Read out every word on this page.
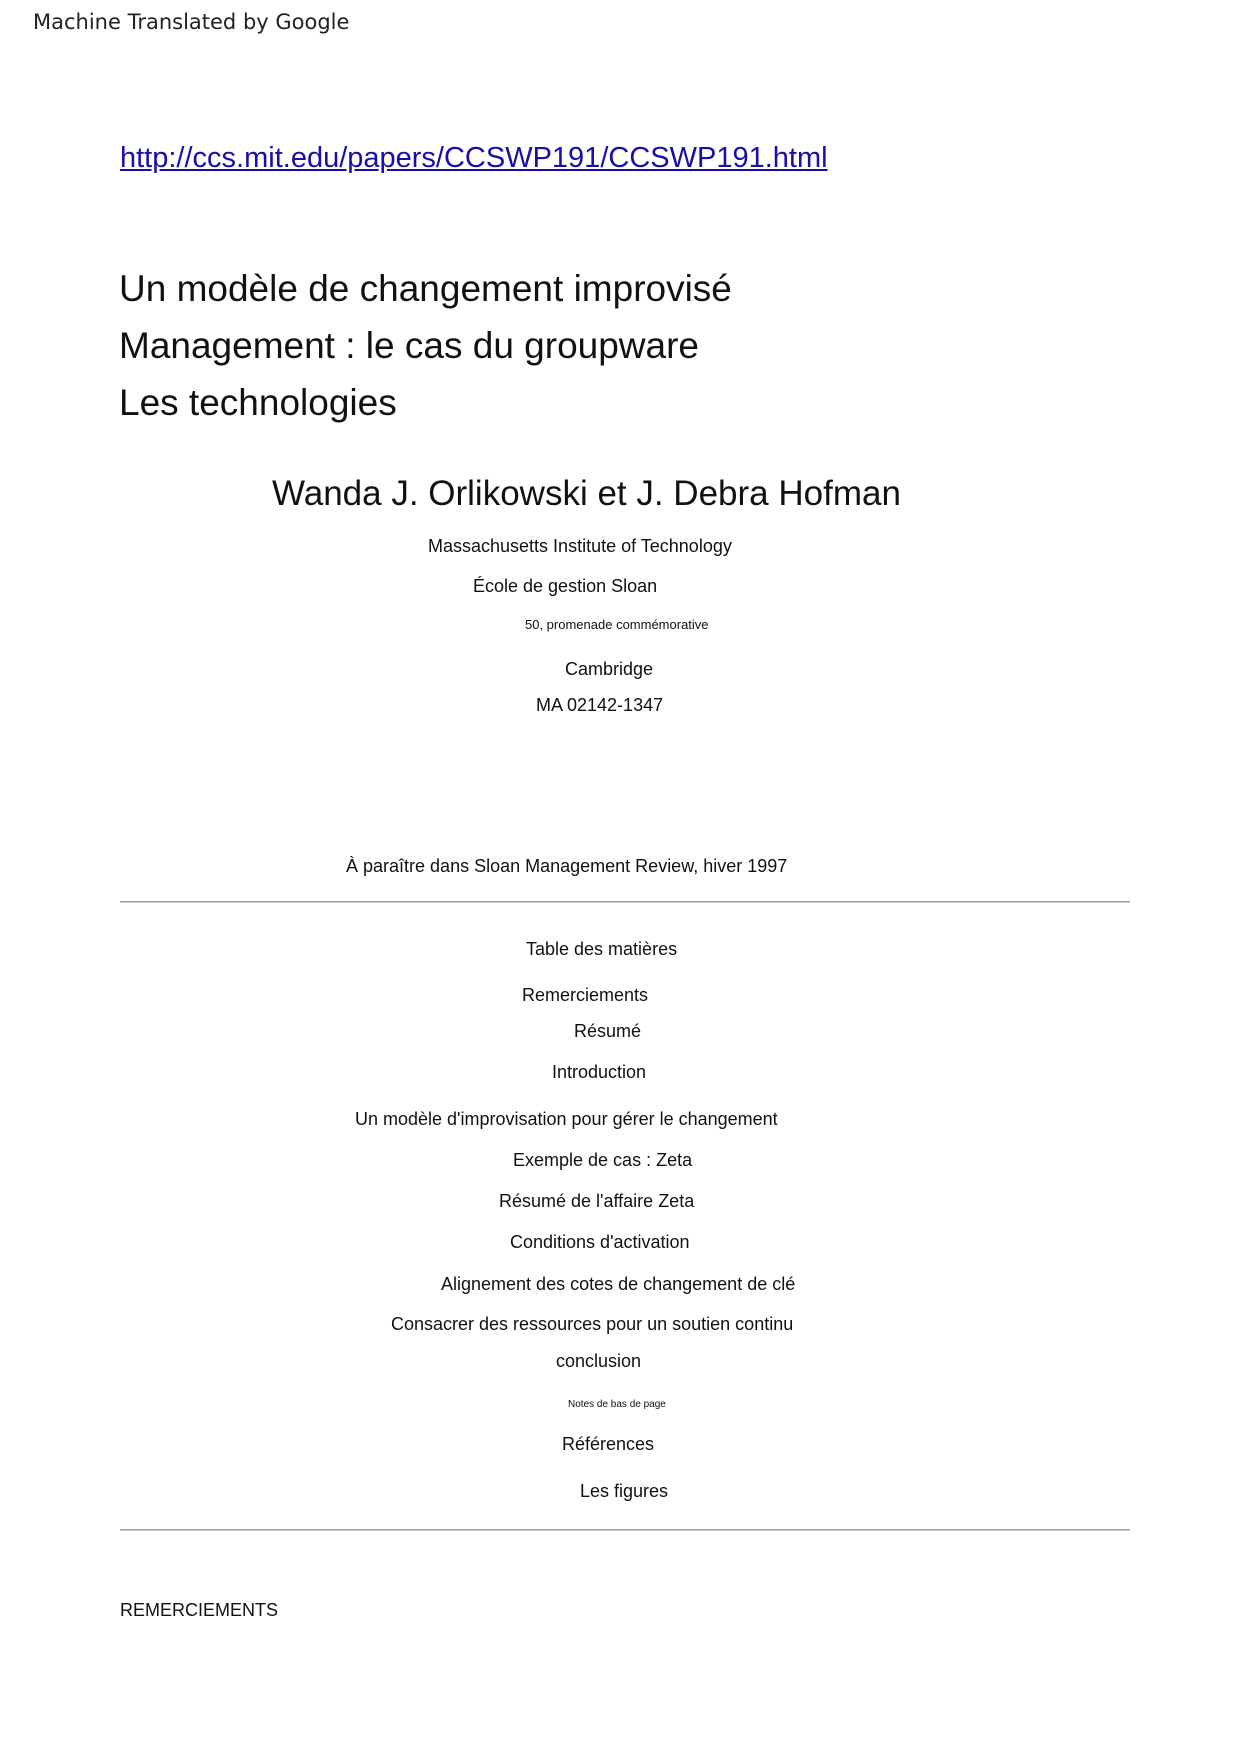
Machine Translated by Google
http://ccs.mit.edu/papers/CCSWP191/CCSWP191.html
Un modèle de changement improvisé
Management : le cas du groupware
Les technologies
Wanda J. Orlikowski et J. Debra Hofman
Massachusetts Institute of Technology
École de gestion Sloan
50, promenade commémorative
Cambridge
MA 02142-1347
À paraître dans Sloan Management Review, hiver 1997
Table des matières
Remerciements
Résumé
Introduction
Un modèle d'improvisation pour gérer le changement
Exemple de cas : Zeta
Résumé de l'affaire Zeta
Conditions d'activation
Alignement des cotes de changement de clé
Consacrer des ressources pour un soutien continu
conclusion
Notes de bas de page
Références
Les figures
REMERCIEMENTS
